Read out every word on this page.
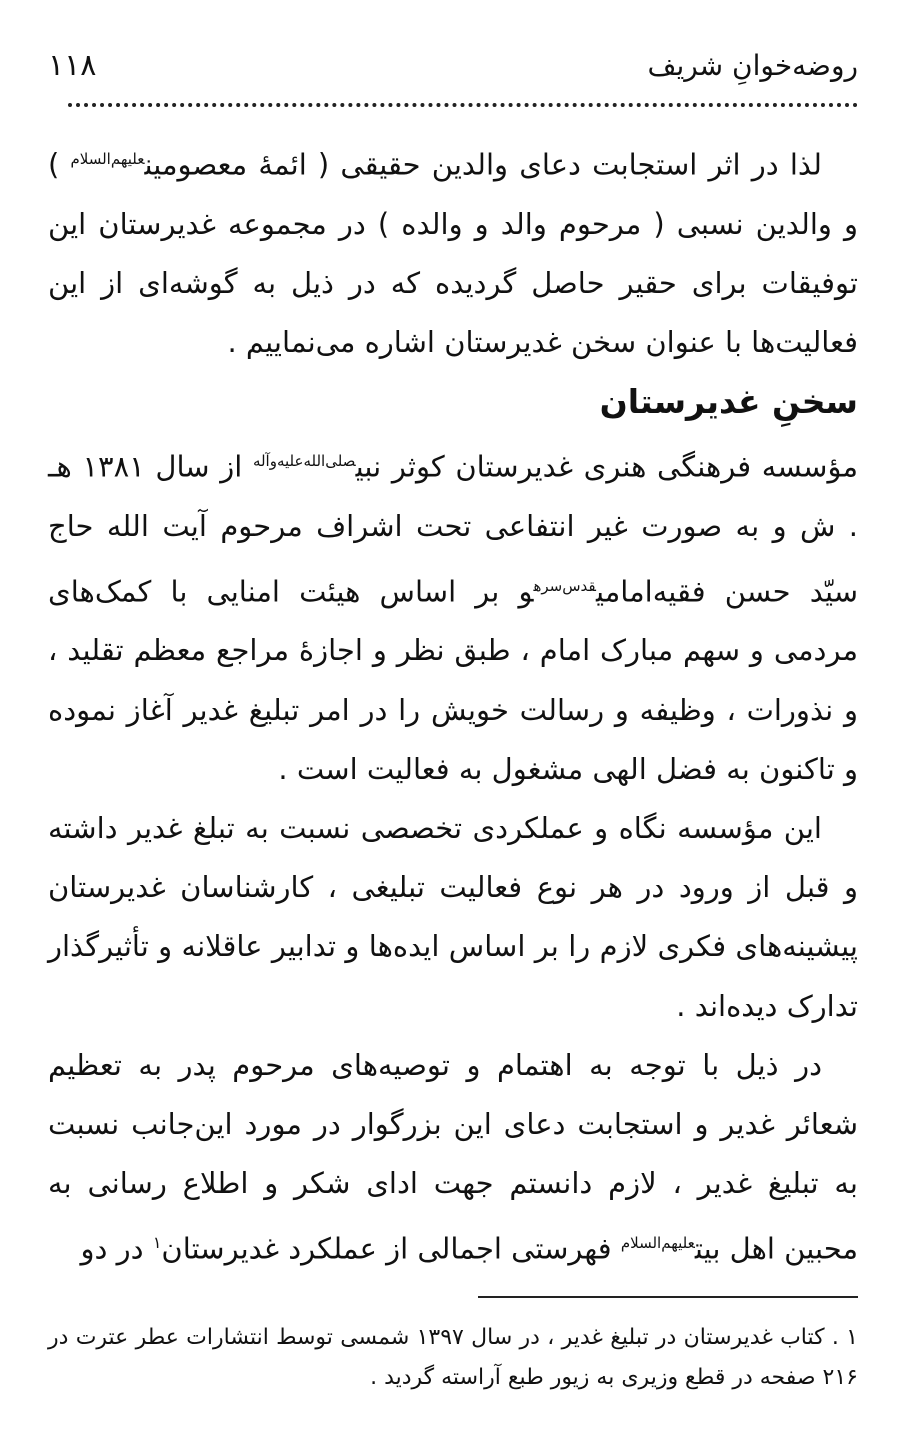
روضه‌خوانِ شریف
۱۱۸

لذا در اثر استجابت دعای والدین حقیقی ( ائمۀ معصومین$^{علیهم‌السلام}$ ) و والدین نسبی ( مرحوم والد و والده ) در مجموعه غدیرستان این توفیقات برای حقیر حاصل گردیده که در ذیل به گوشه‌ای از این فعالیت‌ها با عنوان سخن غدیرستان اشاره می‌نماییم .

سخنِ غدیرستان

مؤسسه فرهنگی هنری غدیرستان کوثر نبی$^{صلی‌الله‌علیه‌وآله}$ از سال ۱۳۸۱ هـ . ش و به صورت غیر انتفاعی تحت اشراف مرحوم آیت الله حاج سیّد حسن فقیه‌امامی$^{قدس‌سره}$و بر اساس هیئت امنایی با کمک‌های مردمی و سهم مبارک امام ، طبق نظر و اجازۀ مراجع معظم تقلید ، و نذورات ، وظیفه و رسالت خویش را در امر تبلیغ غدیر آغاز نموده و تاکنون به فضل الهی مشغول به فعالیت است .

این مؤسسه نگاه و عملکردی تخصصی نسبت به تبلغ غدیر داشته و قبل از ورود در هر نوع فعالیت تبلیغی ، کارشناسان غدیرستان پیشینه‌های فکری لازم را بر اساس ایده‌ها و تدابیر عاقلانه و تأثیرگذار تدارک دیده‌اند .

در ذیل با توجه به اهتمام و توصیه‌های مرحوم پدر به تعظیم شعائر غدیر و استجابت دعای این بزرگوار در مورد این‌جانب نسبت به تبلیغ غدیر ، لازم دانستم جهت ادای شکر و اطلاع رسانی به محبین اهل بیت$^{علیهم‌السلام}$ فهرستی اجمالی از عملکرد غدیرستان$^۱$ در دو

۱ . کتاب غدیرستان در تبلیغ غدیر ، در سال ۱۳۹۷ شمسی توسط انتشارات عطر عترت در ۲۱۶ صفحه در قطع وزیری به زیور طبع آراسته گردید .
